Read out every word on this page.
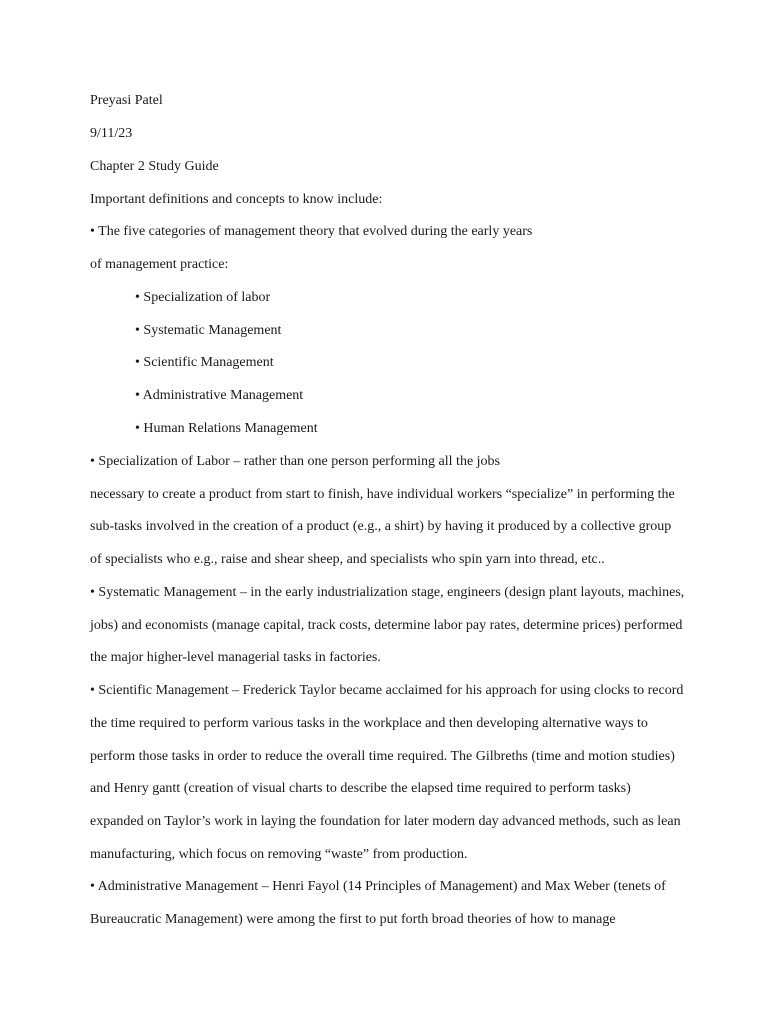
Preyasi Patel

9/11/23

Chapter 2 Study Guide

Important definitions and concepts to know include:

• The five categories of management theory that evolved during the early years

of management practice:

• Specialization of labor

• Systematic Management

• Scientific Management

• Administrative Management

• Human Relations Management

• Specialization of Labor – rather than one person performing all the jobs

necessary to create a product from start to finish, have individual workers “specialize” in performing the

sub-tasks involved in the creation of a product (e.g., a shirt) by having it produced by a collective group

of specialists who e.g., raise and shear sheep, and specialists who spin yarn into thread, etc..

• Systematic Management – in the early industrialization stage, engineers (design plant layouts, machines,

jobs) and economists (manage capital, track costs, determine labor pay rates, determine prices) performed

the major higher-level managerial tasks in factories.

• Scientific Management – Frederick Taylor became acclaimed for his approach for using clocks to record

the time required to perform various tasks in the workplace and then developing alternative ways to

perform those tasks in order to reduce the overall time required. The Gilbreths (time and motion studies)

and Henry gantt (creation of visual charts to describe the elapsed time required to perform tasks)

expanded on Taylor’s work in laying the foundation for later modern day advanced methods, such as lean

manufacturing, which focus on removing “waste” from production.

• Administrative Management – Henri Fayol (14 Principles of Management) and Max Weber (tenets of

Bureaucratic Management) were among the first to put forth broad theories of how to manage
